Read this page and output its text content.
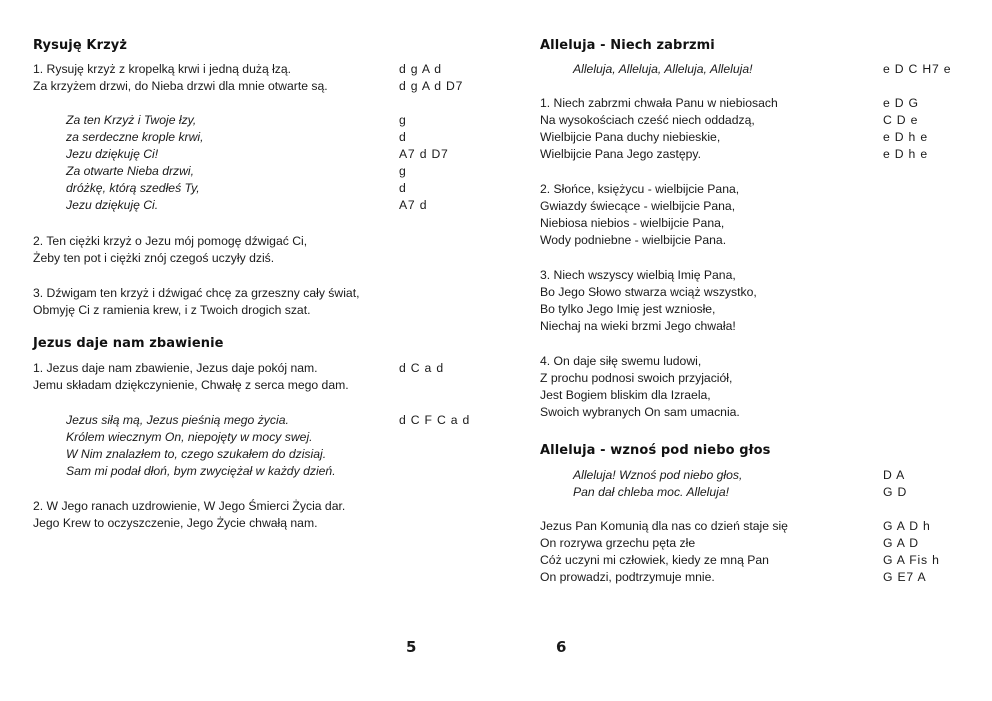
Rysuję Krzyż
1. Rysuję krzyż z kropelką krwi i jedną dużą łzą.	d g A d
Za krzyżem drzwi, do Nieba drzwi dla mnie otwarte są.	d g A d D7
Za ten Krzyż i Twoje łzy,	g
za serdeczne krople krwi,	d
Jezu dziękuję Ci!	A7 d D7
Za otwarte Nieba drzwi,	g
dróżkę, którą szedłeś Ty,	d
Jezu dziękuję Ci.	A7 d
2. Ten ciężki krzyż o Jezu mój pomogę dźwigać Ci,
Żeby ten pot i ciężki znój czegoś uczyły dziś.
3. Dźwigam ten krzyż i dźwigać chcę za grzeszny cały świat,
Obmyję Ci z ramienia krew, i z Twoich drogich szat.
Jezus daje nam zbawienie
1. Jezus daje nam zbawienie, Jezus daje pokój nam.	d C a d
Jemu składam dziękczynienie, Chwałę z serca mego dam.
Jezus siłą mą, Jezus pieśnią mego życia.	d C F C a d
Królem wiecznym On, niepojęty w mocy swej.
W Nim znalazłem to, czego szukałem do dzisiaj.
Sam mi podał dłoń, bym zwyciężał w każdy dzień.
2. W Jego ranach uzdrowienie, W Jego Śmierci Życia dar.
Jego Krew to oczyszczenie, Jego Życie chwałą nam.
5
Alleluja - Niech zabrzmi
Alleluja, Alleluja, Alleluja, Alleluja!	e D C H7 e
1. Niech zabrzmi chwała Panu w niebiosach	e D G
Na wysokościach cześć niech oddadzą,	C D e
Wielbijcie Pana duchy niebieskie,	e D h e
Wielbijcie Pana Jego zastępy.	e D h e
2. Słońce, księżycu - wielbijcie Pana,
Gwiazdy świecące - wielbijcie Pana,
Niebiosa niebios - wielbijcie Pana,
Wody podniebne - wielbijcie Pana.
3. Niech wszyscy wielbią Imię Pana,
Bo Jego Słowo stwarza wciąż wszystko,
Bo tylko Jego Imię jest wzniosłe,
Niechaj na wieki brzmi Jego chwała!
4. On daje siłę swemu ludowi,
Z prochu podnosi swoich przyjaciół,
Jest Bogiem bliskim dla Izraela,
Swoich wybranych On sam umacnia.
Alleluja - wznoś pod niebo głos
Alleluja! Wznoś pod niebo głos,	D A
Pan dał chleba moc. Alleluja!	G D
Jezus Pan Komunią dla nas co dzień staje się	G A D h
On rozrywa grzechu pęta złe	G A D
Cóż uczyni mi człowiek, kiedy ze mną Pan	G A Fis h
On prowadzi, podtrzymuje mnie.	G E7 A
6
